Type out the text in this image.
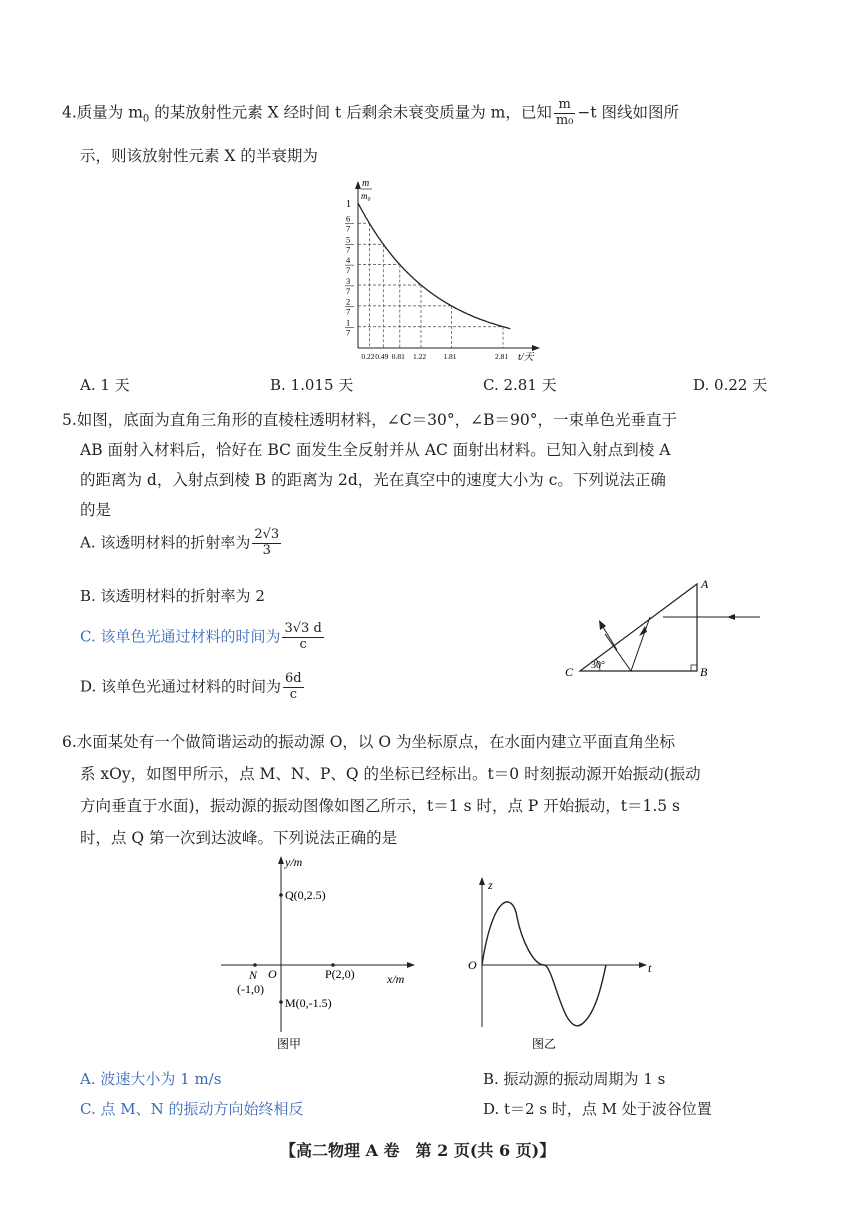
4.质量为 $m_0$ 的某放射性元素 X 经时间 t 后剩余未衰变质量为 m，已知 $\frac{m}{\text{m₀}} -t$ 图线如图所
示，则该放射性元素 X 的半衰期为
m
m₀
1
0.22 0.49 0.81 1.22 1.81	2.81
6
7
5
7
4
7
3
7
2
7
1
7
t/天
A. 1 天	B. 1.015 天	C. 2.81 天	D. 0.22 天
5.如图，底面为直角三角形的直棱柱透明材料，∠C＝30°，∠B＝90°，一束单色光垂直于
AB 面射入材料后，恰好在 BC 面发生全反射并从 AC 面射出材料。已知入射点到棱 A
的距离为 d，入射点到棱 B 的距离为 2d，光在真空中的速度大小为 c。下列说法正确
的是
A. 该透明材料的折射率为 $\frac{2√3}{3}$
B. 该透明材料的折射率为 2
C. 该单色光通过材料的时间为 $\frac{3√3 d}{c}$
D. 该单色光通过材料的时间为 $\frac{6d}{c}$
A
B
C 30°
6.水面某处有一个做简谐运动的振动源 O，以 O 为坐标原点，在水面内建立平面直角坐标
系 xOy，如图甲所示，点 M、N、P、Q 的坐标已经标出。t＝0 时刻振动源开始振动(振动
方向垂直于水面)，振动源的振动图像如图乙所示，t＝1 s 时，点 P 开始振动，t＝1.5 s
时，点 Q 第一次到达波峰。下列说法正确的是
y/m
x/m
O
Q(0,2.5)
P(2,0)
N
(-1,0)
M(0,-1.5)
图甲
z
t
O
图乙
A. 波速大小为 1 m/s	B. 振动源的振动周期为 1 s
C. 点 M、N 的振动方向始终相反	D. t＝2 s 时，点 M 处于波谷位置
【高二物理 A 卷　第 2 页(共 6 页)】
